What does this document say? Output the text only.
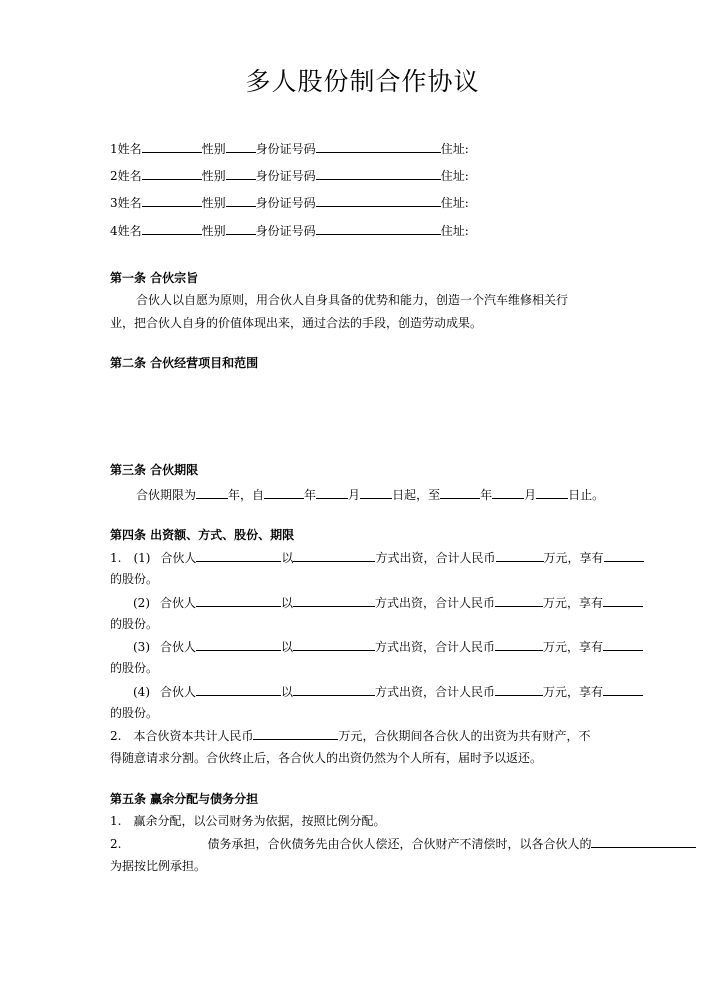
多人股份制合作协议
1姓名	性别	身份证号码	住址:
2姓名	性别	身份证号码	住址:
3姓名	性别	身份证号码	住址:
4姓名	性别	身份证号码	住址:
第一条 合伙宗旨
合伙人以自愿为原则，用合伙人自身具备的优势和能力，创造一个汽车维修相关行
业，把合伙人自身的价值体现出来，通过合法的手段，创造劳动成果。
第二条 合伙经营项目和范围
第三条 合伙期限
合伙期限为	年，自	年	月	日起，至	年	月	日止。
第四条 出资额、方式、股份、期限
1. (1) 合伙人	以	方式出资，合计人民币	万元，享有
的股份。
(2) 合伙人	以	方式出资，合计人民币	万元，享有
的股份。
(3) 合伙人	以	方式出资，合计人民币	万元，享有
的股份。
(4) 合伙人	以	方式出资，合计人民币	万元，享有
的股份。
2. 本合伙资本共计人民币	万元，合伙期间各合伙人的出资为共有财产，不
得随意请求分割。合伙终止后，各合伙人的出资仍然为个人所有，届时予以返还。
第五条 赢余分配与债务分担
1. 赢余分配，以公司财务为依据，按照比例分配。
2.	债务承担，合伙债务先由合伙人偿还，合伙财产不清偿时，以各合伙人的
为据按比例承担。
